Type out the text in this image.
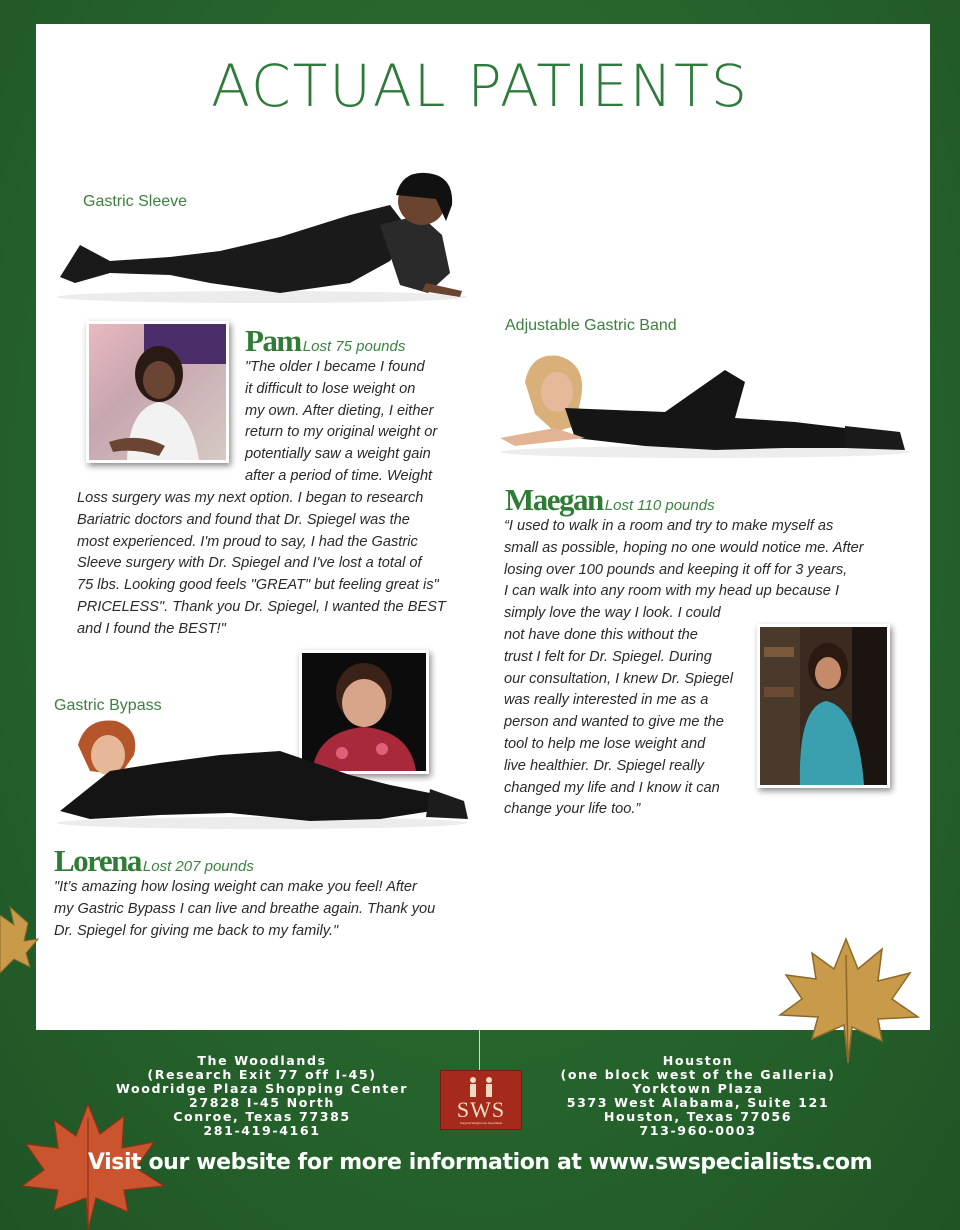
ACTUAL PATIENTS
Gastric Sleeve
Pam Lost 75 pounds
"The older I became I found
it difficult to lose weight on
my own. After dieting, I either
return to my original weight or
potentially saw a weight gain
after a period of time. Weight
Loss surgery was my next option. I began to research
Bariatric doctors and found that Dr. Spiegel was the
most experienced. I'm proud to say, I had the Gastric
Sleeve surgery with Dr. Spiegel and I've lost a total of
75 lbs. Looking good feels "GREAT" but feeling great is"
PRICELESS". Thank you Dr. Spiegel, I wanted the BEST
and I found the BEST!"
Adjustable Gastric Band
Maegan Lost 110 pounds
“I used to walk in a room and try to make myself as
small as possible, hoping no one would notice me. After
losing over 100 pounds and keeping it off for 3 years,
I can walk into any room with my head up because I
simply love the way I look. I could
not have done this without the
trust I felt for Dr. Spiegel. During
our consultation, I knew Dr. Spiegel
was really interested in me as a
person and wanted to give me the
tool to help me lose weight and
live healthier. Dr. Spiegel really
changed my life and I know it can
change your life too.”
Gastric Bypass
Lorena Lost 207 pounds
"It’s amazing how losing weight can make you feel! After
my Gastric Bypass I can live and breathe again. Thank you
Dr. Spiegel for giving me back to my family."
The Woodlands
(Research Exit 77 off I-45)
Woodridge Plaza Shopping Center
27828 I-45 North
Conroe, Texas 77385
281-419-4161
SWS
Surgical Weight loss Specialists
Houston
(one block west of the Galleria)
Yorktown Plaza
5373 West Alabama, Suite 121
Houston, Texas 77056
713-960-0003
Visit our website for more information at www.swspecialists.com
